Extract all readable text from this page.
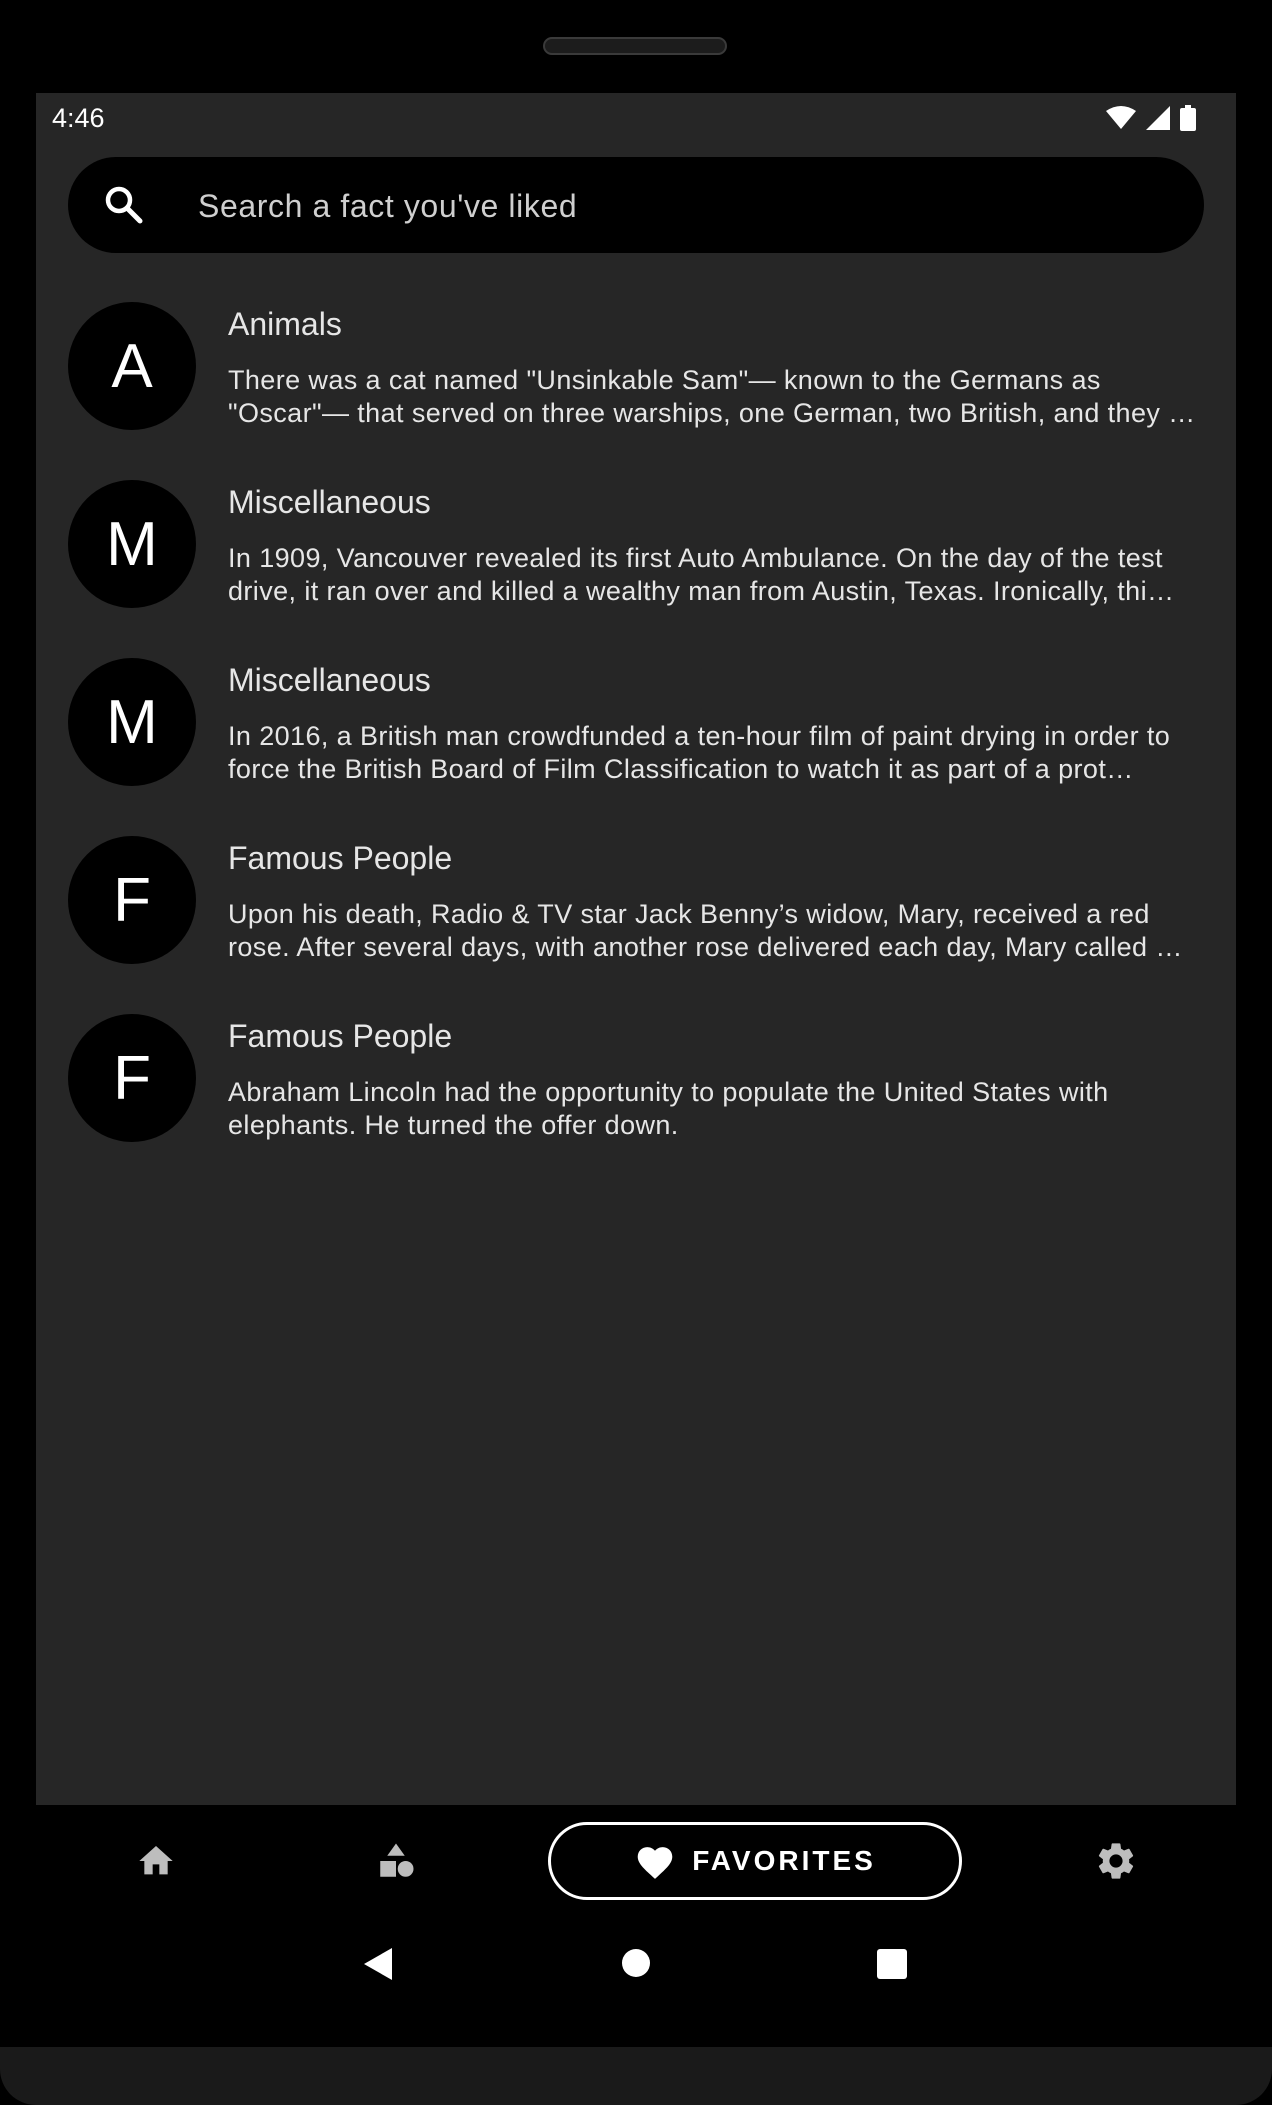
4:46
Search a fact you've liked
A
Animals
There was a cat named "Unsinkable Sam"— known to the Germans as "Oscar"— that served on three warships, one German, two British, and they …
M
Miscellaneous
In 1909, Vancouver revealed its first Auto Ambulance. On the day of the test drive, it ran over and killed a wealthy man from Austin, Texas. Ironically, thi…
M
Miscellaneous
In 2016, a British man crowdfunded a ten-hour film of paint drying in order to force the British Board of Film Classification to watch it as part of a prot…
F
Famous People
Upon his death, Radio & TV star Jack Benny’s widow, Mary, received a red rose. After several days, with another rose delivered each day, Mary called …
F
Famous People
Abraham Lincoln had the opportunity to populate the United States with elephants. He turned the offer down.
FAVORITES
